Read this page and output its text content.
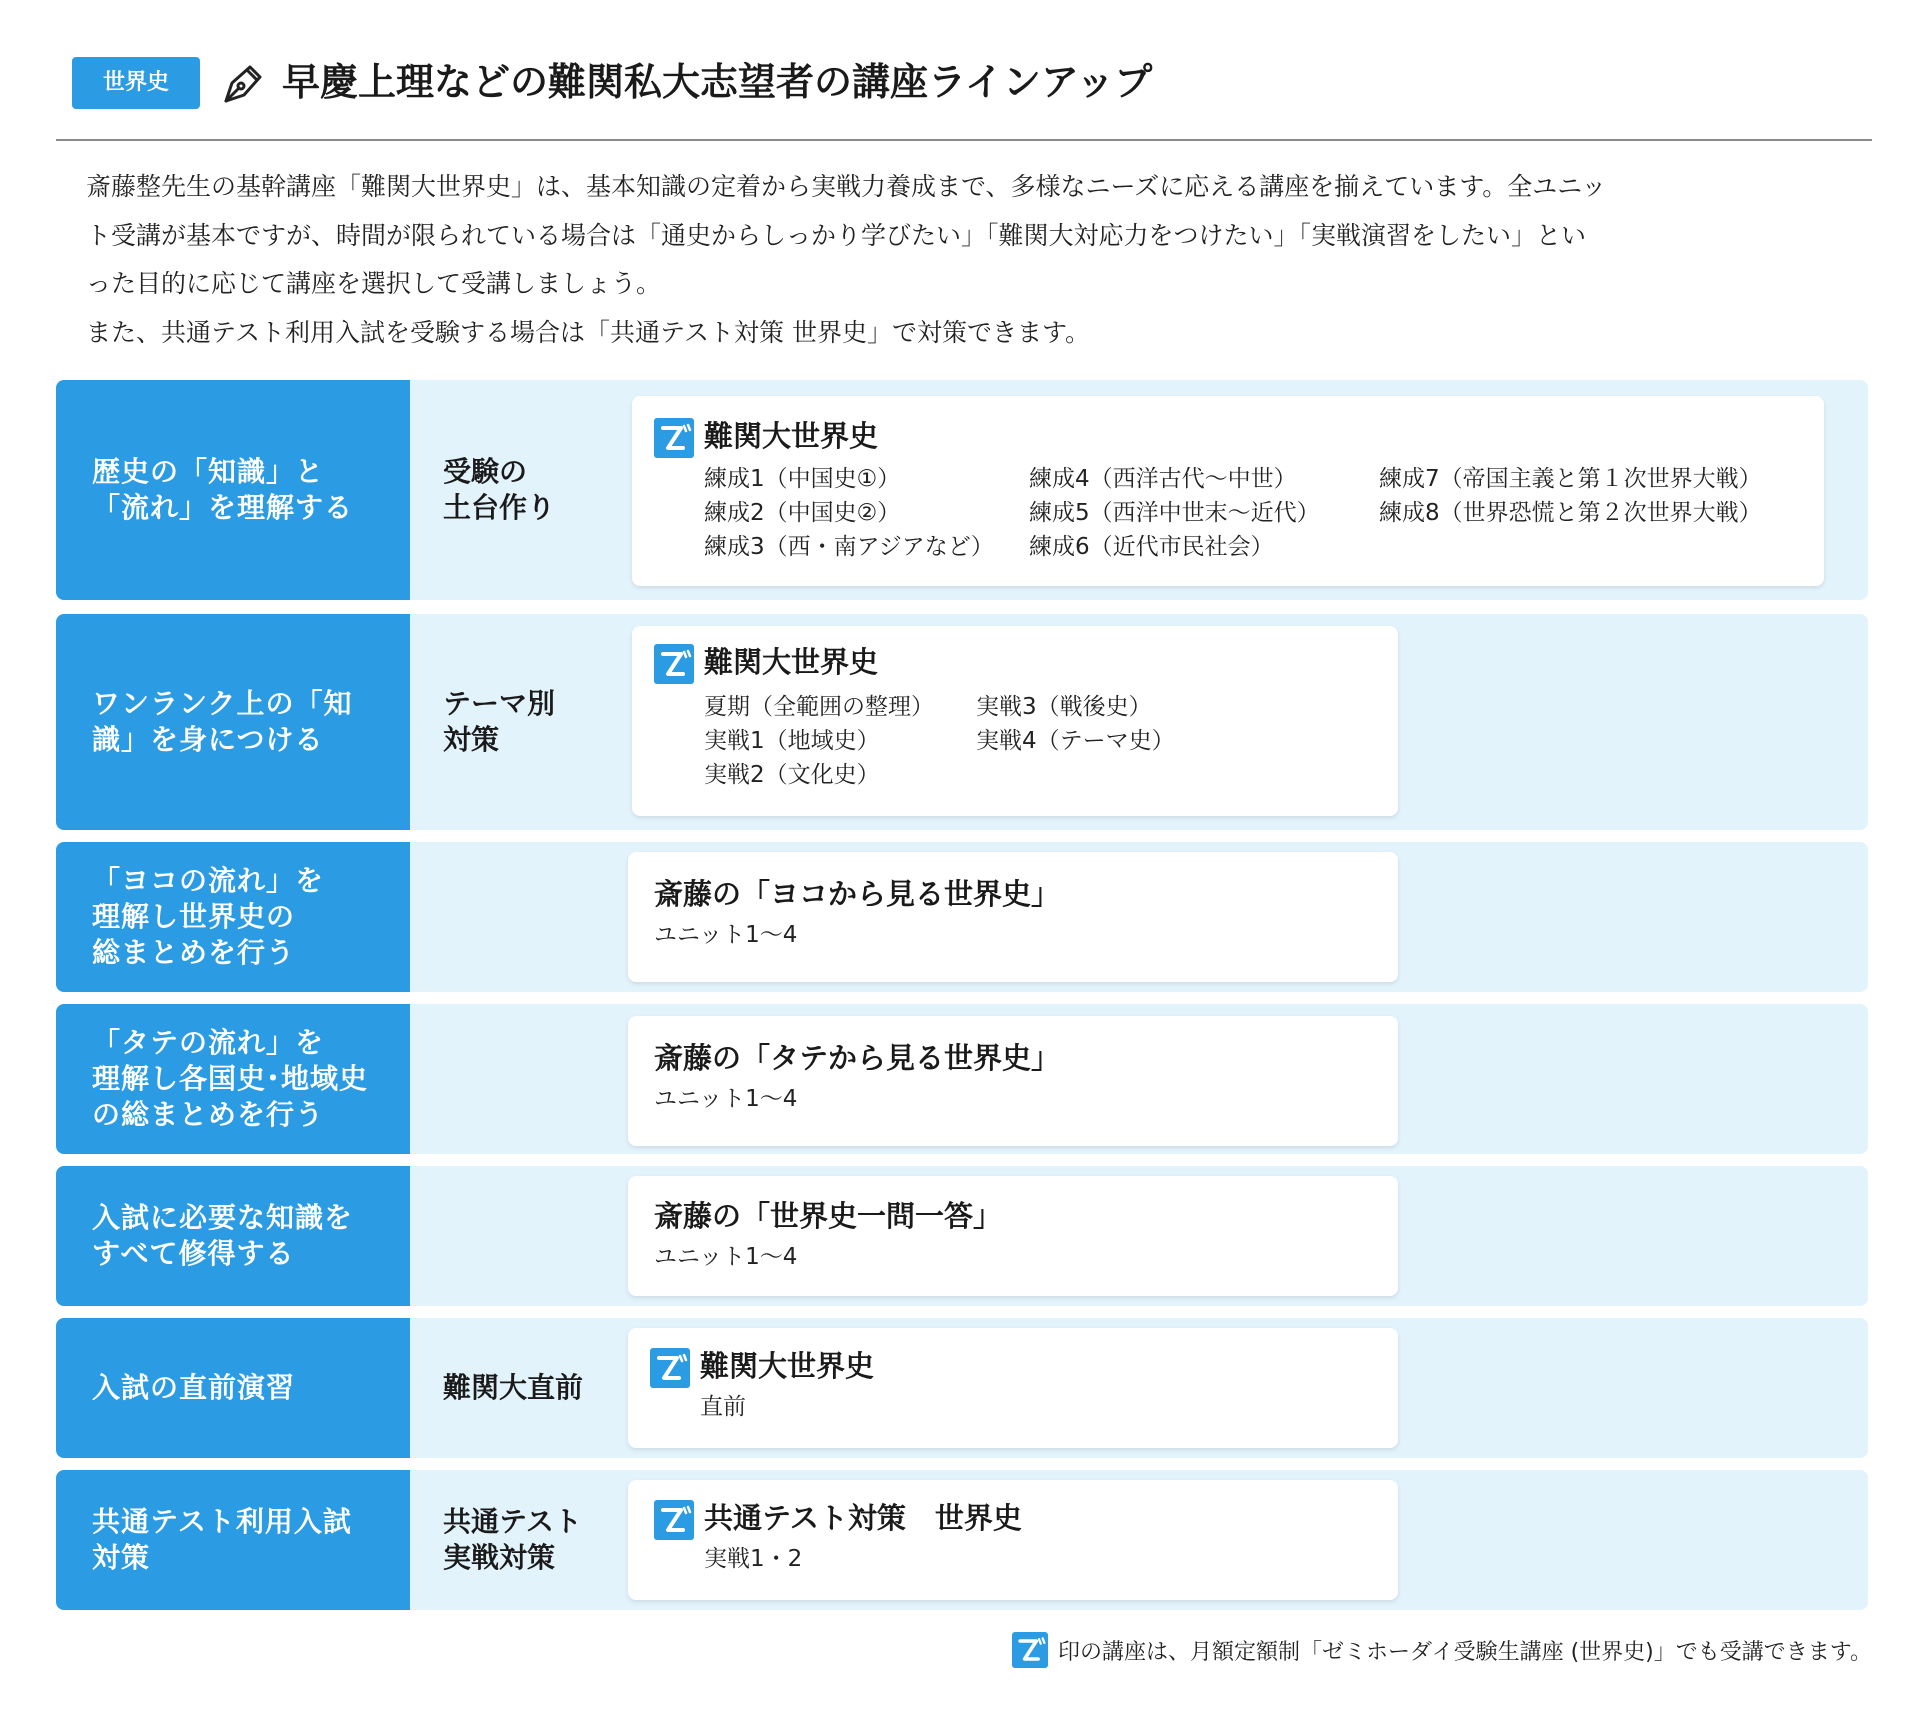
世界史	早慶上理などの難関私大志望者の講座ラインアップ

斎藤整先生の基幹講座「難関大世界史」は、基本知識の定着から実戦力養成まで、多様なニーズに応える講座を揃えています。全ユニッ

ト受講が基本ですが、時間が限られている場合は「通史からしっかり学びたい」「難関大対応力をつけたい」「実戦演習をしたい」とい

った目的に応じて講座を選択して受講しましょう。

また、共通テスト利用入試を受験する場合は「共通テスト対策 世界史」で対策できます。

歴史の「知識」と
「流れ」を理解する
受験の
土台作り
難関大世界史
練成1（中国史①）
練成2（中国史②）
練成3（西・南アジアなど）
練成4（西洋古代〜中世）
練成5（西洋中世末〜近代）
練成6（近代市民社会）
練成7（帝国主義と第１次世界大戦）
練成8（世界恐慌と第２次世界大戦）
ワンランク上の「知
識」を身につける
テーマ別
対策
難関大世界史
夏期（全範囲の整理）
実戦1（地域史）
実戦2（文化史）
実戦3（戦後史）
実戦4（テーマ史）
「ヨコの流れ」を
理解し世界史の
総まとめを行う
斎藤の「ヨコから見る世界史」
ユニット1〜4
「タテの流れ」を
理解し各国史･地域史
の総まとめを行う
斎藤の「タテから見る世界史」
ユニット1〜4
入試に必要な知識を
すべて修得する
斎藤の「世界史一問一答」
ユニット1〜4
入試の直前演習	難関大直前
難関大世界史
直前
共通テスト利用入試
対策
共通テスト
実戦対策
共通テスト対策　世界史
実戦1・2
印の講座は、月額定額制「ゼミホーダイ受験生講座 (世界史)」でも受講できます。
